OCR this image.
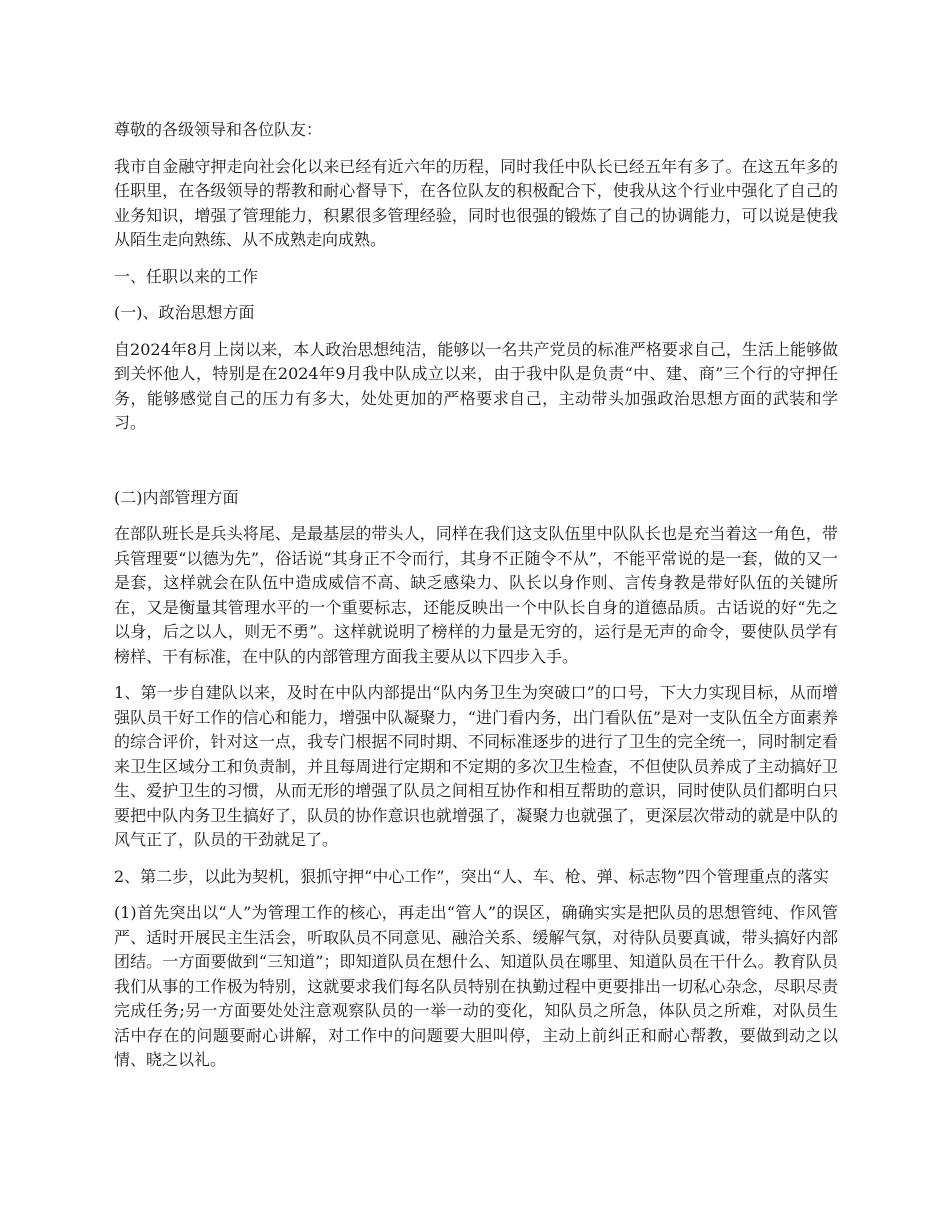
尊敬的各级领导和各位队友：

我市自金融守押走向社会化以来已经有近六年的历程，同时我任中队长已经五年有多了。在这五年多的任职里，在各级领导的帮教和耐心督导下，在各位队友的积极配合下，使我从这个行业中强化了自己的业务知识，增强了管理能力，积累很多管理经验，同时也很强的锻炼了自己的协调能力，可以说是使我从陌生走向熟练、从不成熟走向成熟。

一、任职以来的工作

(一)、政治思想方面

自2024年8月上岗以来，本人政治思想纯洁，能够以一名共产党员的标准严格要求自己，生活上能够做到关怀他人，特别是在2024年9月我中队成立以来，由于我中队是负责“中、建、商”三个行的守押任务，能够感觉自己的压力有多大，处处更加的严格要求自己，主动带头加强政治思想方面的武装和学习。

(二)内部管理方面

在部队班长是兵头将尾、是最基层的带头人，同样在我们这支队伍里中队队长也是充当着这一角色，带兵管理要“以德为先”，俗话说“其身正不令而行，其身不正随令不从”，不能平常说的是一套，做的又一是套，这样就会在队伍中造成威信不高、缺乏感染力、队长以身作则、言传身教是带好队伍的关键所在，又是衡量其管理水平的一个重要标志，还能反映出一个中队长自身的道德品质。古话说的好“先之以身，后之以人，则无不勇”。这样就说明了榜样的力量是无穷的，运行是无声的命令，要使队员学有榜样、干有标准，在中队的内部管理方面我主要从以下四步入手。

1、第一步自建队以来，及时在中队内部提出“队内务卫生为突破口”的口号，下大力实现目标，从而增强队员干好工作的信心和能力，增强中队凝聚力，“进门看内务，出门看队伍”是对一支队伍全方面素养的综合评价，针对这一点，我专门根据不同时期、不同标准逐步的进行了卫生的完全统一，同时制定看来卫生区域分工和负责制，并且每周进行定期和不定期的多次卫生检查，不但使队员养成了主动搞好卫生、爱护卫生的习惯，从而无形的增强了队员之间相互协作和相互帮助的意识，同时使队员们都明白只要把中队内务卫生搞好了，队员的协作意识也就增强了，凝聚力也就强了，更深层次带动的就是中队的风气正了，队员的干劲就足了。

2、第二步，以此为契机，狠抓守押“中心工作”，突出“人、车、枪、弹、标志物”四个管理重点的落实

(1)首先突出以“人”为管理工作的核心，再走出“管人”的误区，确确实实是把队员的思想管纯、作风管严、适时开展民主生活会，听取队员不同意见、融洽关系、缓解气氛，对待队员要真诚，带头搞好内部团结。一方面要做到“三知道”；即知道队员在想什么、知道队员在哪里、知道队员在干什么。教育队员我们从事的工作极为特别，这就要求我们每名队员特别在执勤过程中更要排出一切私心杂念，尽职尽责完成任务;另一方面要处处注意观察队员的一举一动的变化，知队员之所急，体队员之所难，对队员生活中存在的问题要耐心讲解，对工作中的问题要大胆叫停，主动上前纠正和耐心帮教，要做到动之以情、晓之以礼。
